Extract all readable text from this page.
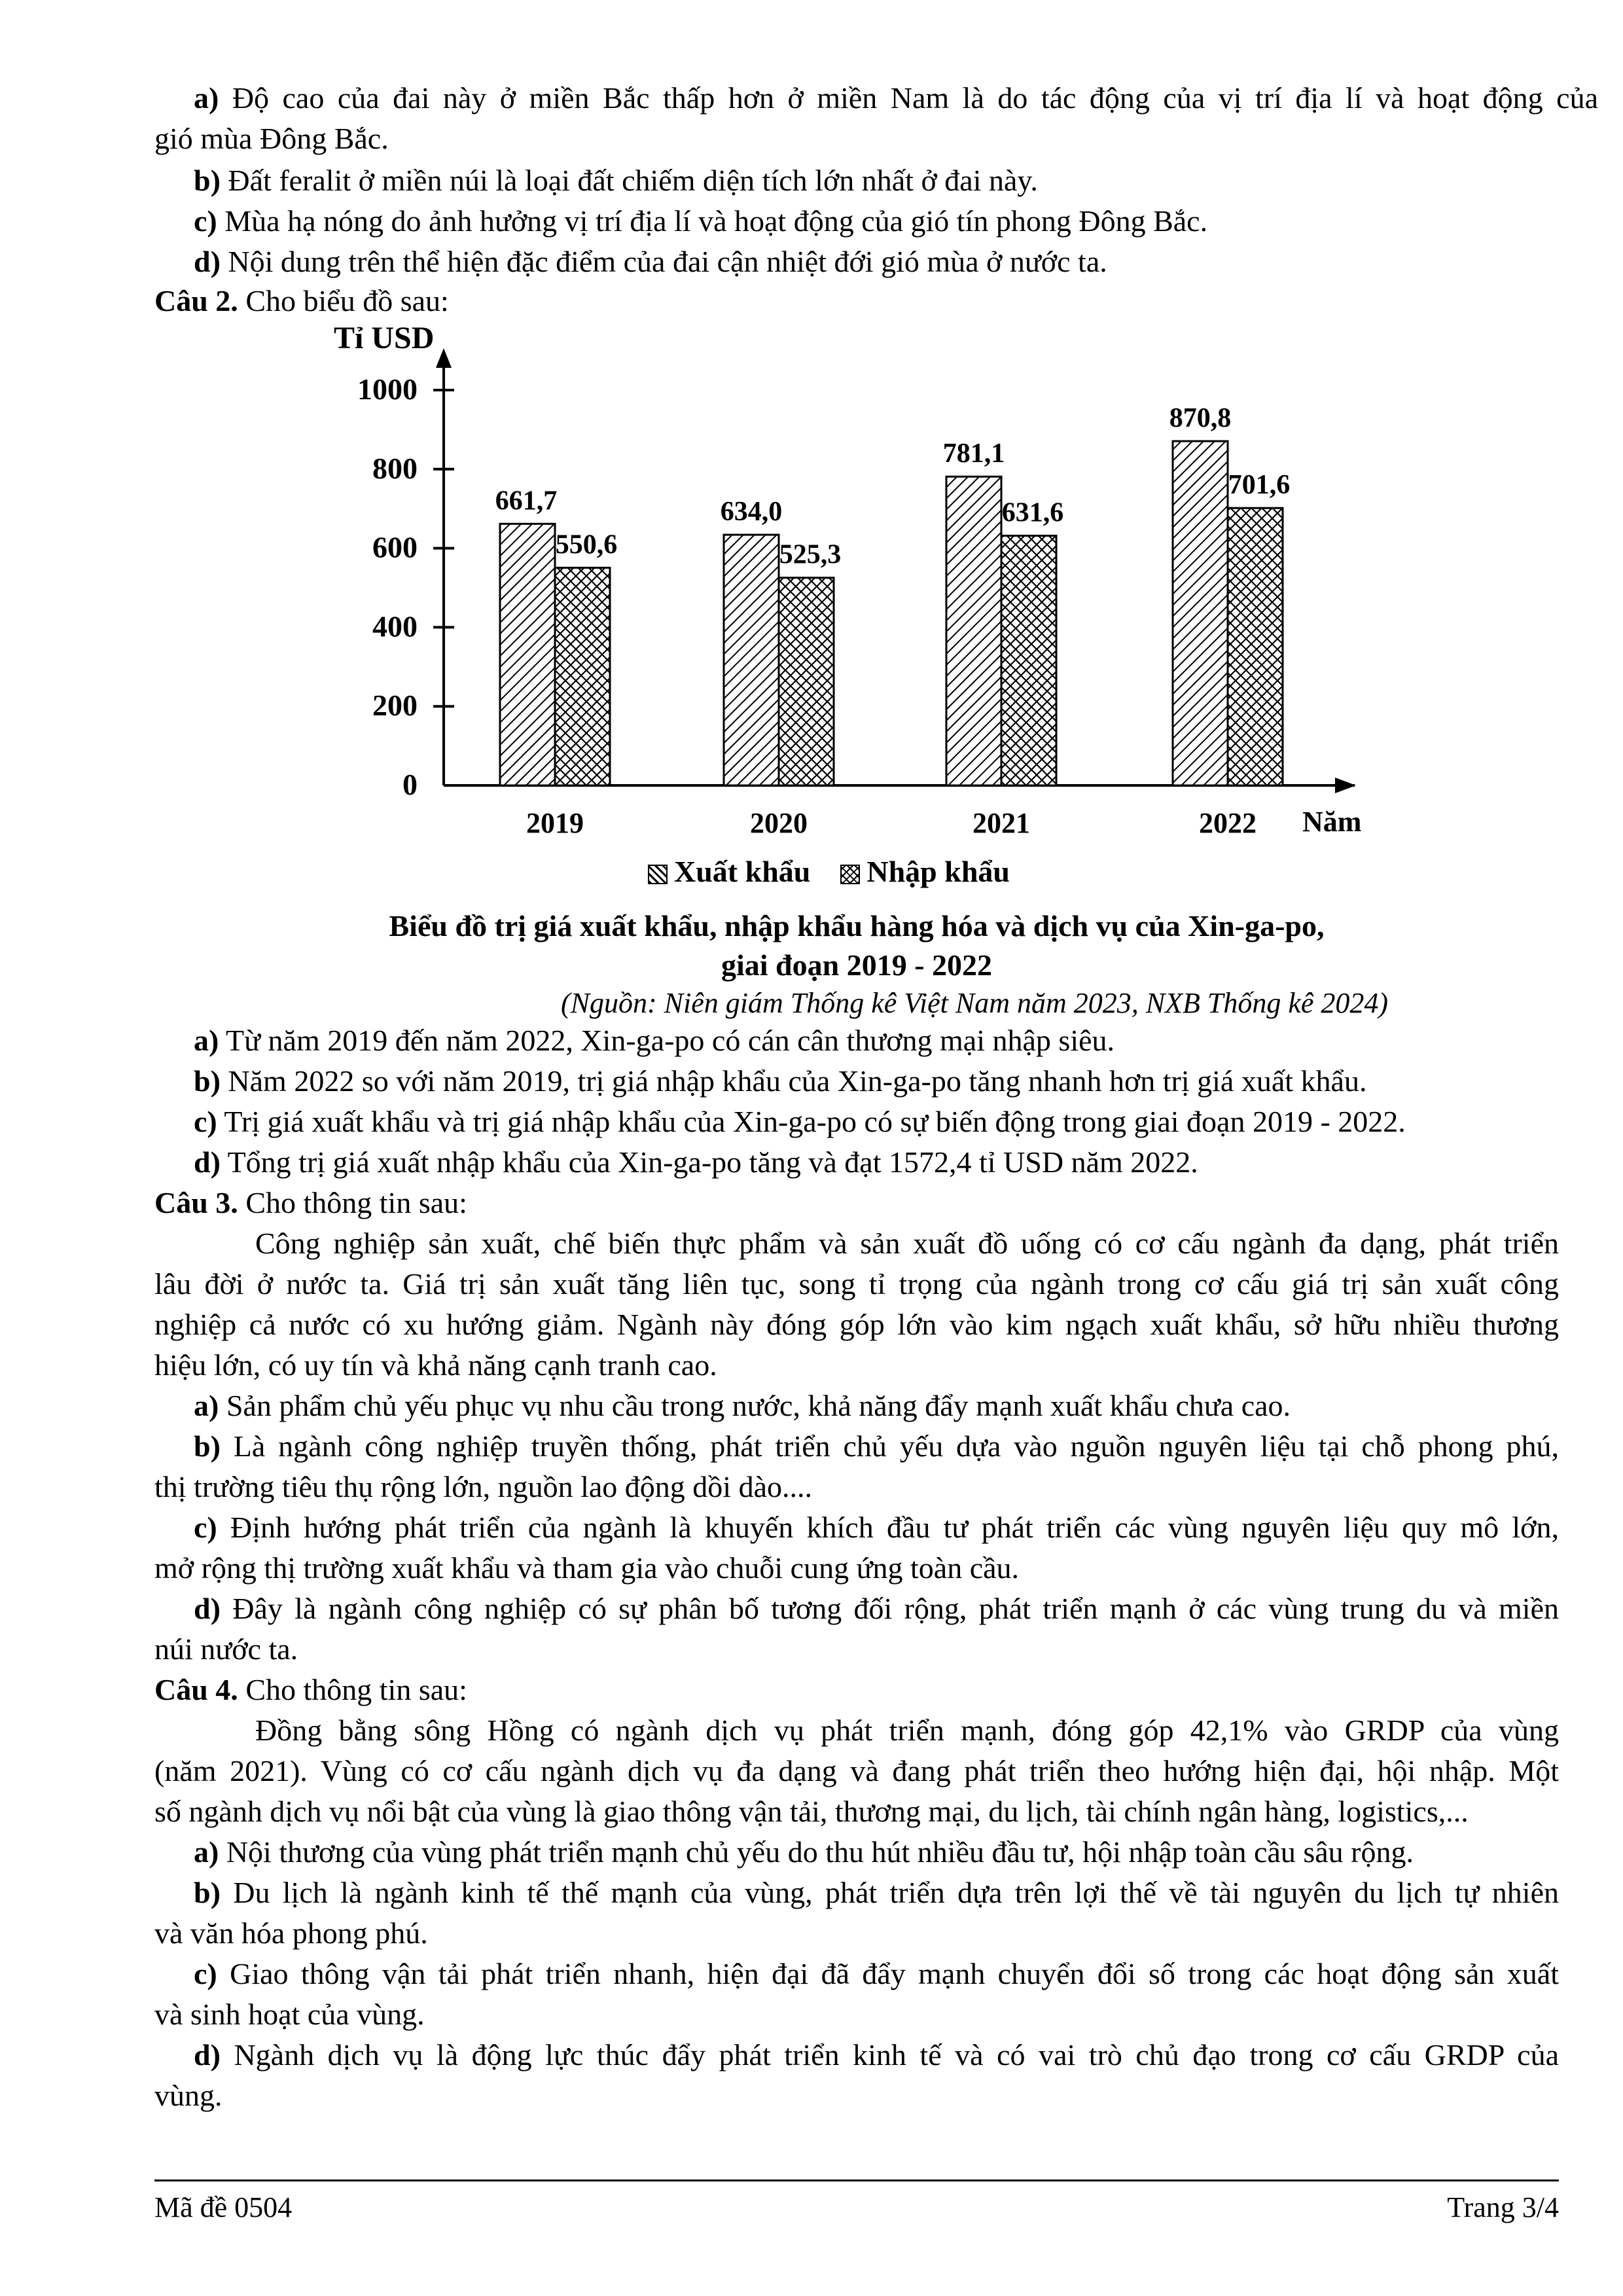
a) Độ cao của đai này ở miền Bắc thấp hơn ở miền Nam là do tác động của vị trí địa lí và hoạt động của
gió mùa Đông Bắc.
b) Đất feralit ở miền núi là loại đất chiếm diện tích lớn nhất ở đai này.
c) Mùa hạ nóng do ảnh hưởng vị trí địa lí và hoạt động của gió tín phong Đông Bắc.
d) Nội dung trên thể hiện đặc điểm của đai cận nhiệt đới gió mùa ở nước ta.
Câu 2. Cho biểu đồ sau:
0
200
400
600
800
1000
Tỉ USD
661,7
550,6
2019
634,0
525,3
2020
781,1
631,6
2021
870,8
701,6
2022 Năm
Xuất khẩu Nhập khẩu
Biểu đồ trị giá xuất khẩu, nhập khẩu hàng hóa và dịch vụ của Xin-ga-po,
giai đoạn 2019 - 2022
(Nguồn: Niên giám Thống kê Việt Nam năm 2023, NXB Thống kê 2024)
a) Từ năm 2019 đến năm 2022, Xin-ga-po có cán cân thương mại nhập siêu.
b) Năm 2022 so với năm 2019, trị giá nhập khẩu của Xin-ga-po tăng nhanh hơn trị giá xuất khẩu.
c) Trị giá xuất khẩu và trị giá nhập khẩu của Xin-ga-po có sự biến động trong giai đoạn 2019 - 2022.
d) Tổng trị giá xuất nhập khẩu của Xin-ga-po tăng và đạt 1572,4 tỉ USD năm 2022.
Câu 3. Cho thông tin sau:
Công nghiệp sản xuất, chế biến thực phẩm và sản xuất đồ uống có cơ cấu ngành đa dạng, phát triển
lâu đời ở nước ta. Giá trị sản xuất tăng liên tục, song tỉ trọng của ngành trong cơ cấu giá trị sản xuất công
nghiệp cả nước có xu hướng giảm. Ngành này đóng góp lớn vào kim ngạch xuất khẩu, sở hữu nhiều thương
hiệu lớn, có uy tín và khả năng cạnh tranh cao.
a) Sản phẩm chủ yếu phục vụ nhu cầu trong nước, khả năng đẩy mạnh xuất khẩu chưa cao.
b) Là ngành công nghiệp truyền thống, phát triển chủ yếu dựa vào nguồn nguyên liệu tại chỗ phong phú,
thị trường tiêu thụ rộng lớn, nguồn lao động dồi dào....
c) Định hướng phát triển của ngành là khuyến khích đầu tư phát triển các vùng nguyên liệu quy mô lớn,
mở rộng thị trường xuất khẩu và tham gia vào chuỗi cung ứng toàn cầu.
d) Đây là ngành công nghiệp có sự phân bố tương đối rộng, phát triển mạnh ở các vùng trung du và miền
núi nước ta.
Câu 4. Cho thông tin sau:
Đồng bằng sông Hồng có ngành dịch vụ phát triển mạnh, đóng góp 42,1% vào GRDP của vùng
(năm 2021). Vùng có cơ cấu ngành dịch vụ đa dạng và đang phát triển theo hướng hiện đại, hội nhập. Một
số ngành dịch vụ nổi bật của vùng là giao thông vận tải, thương mại, du lịch, tài chính ngân hàng, logistics,...
a) Nội thương của vùng phát triển mạnh chủ yếu do thu hút nhiều đầu tư, hội nhập toàn cầu sâu rộng.
b) Du lịch là ngành kinh tế thế mạnh của vùng, phát triển dựa trên lợi thế về tài nguyên du lịch tự nhiên
và văn hóa phong phú.
c) Giao thông vận tải phát triển nhanh, hiện đại đã đẩy mạnh chuyển đổi số trong các hoạt động sản xuất
và sinh hoạt của vùng.
d) Ngành dịch vụ là động lực thúc đẩy phát triển kinh tế và có vai trò chủ đạo trong cơ cấu GRDP của
vùng.
Mã đề 0504	Trang 3/4
